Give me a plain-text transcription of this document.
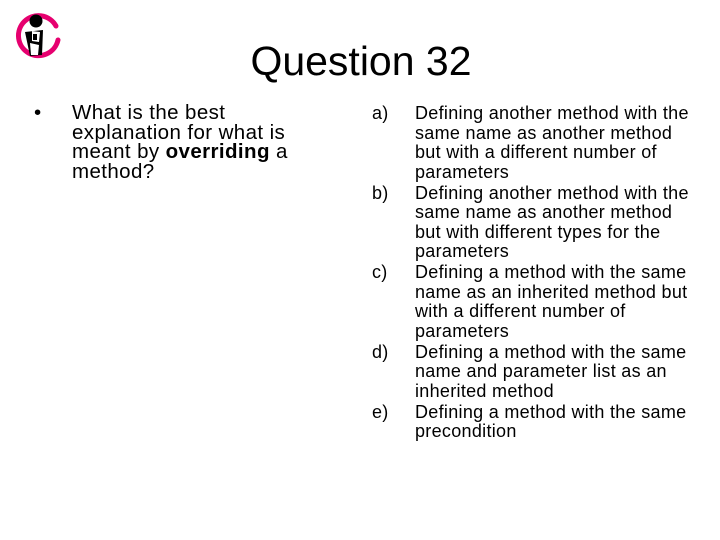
Question 32
• What is the best explanation for what is meant by overriding a method?
a) Defining another method with the same name as another method but with a different number of parameters
b) Defining another method with the same name as another method but with different types for the parameters
c) Defining a method with the same name as an inherited method but with a different number of parameters
d) Defining a method with the same name and parameter list as an inherited method
e) Defining a method with the same precondition
